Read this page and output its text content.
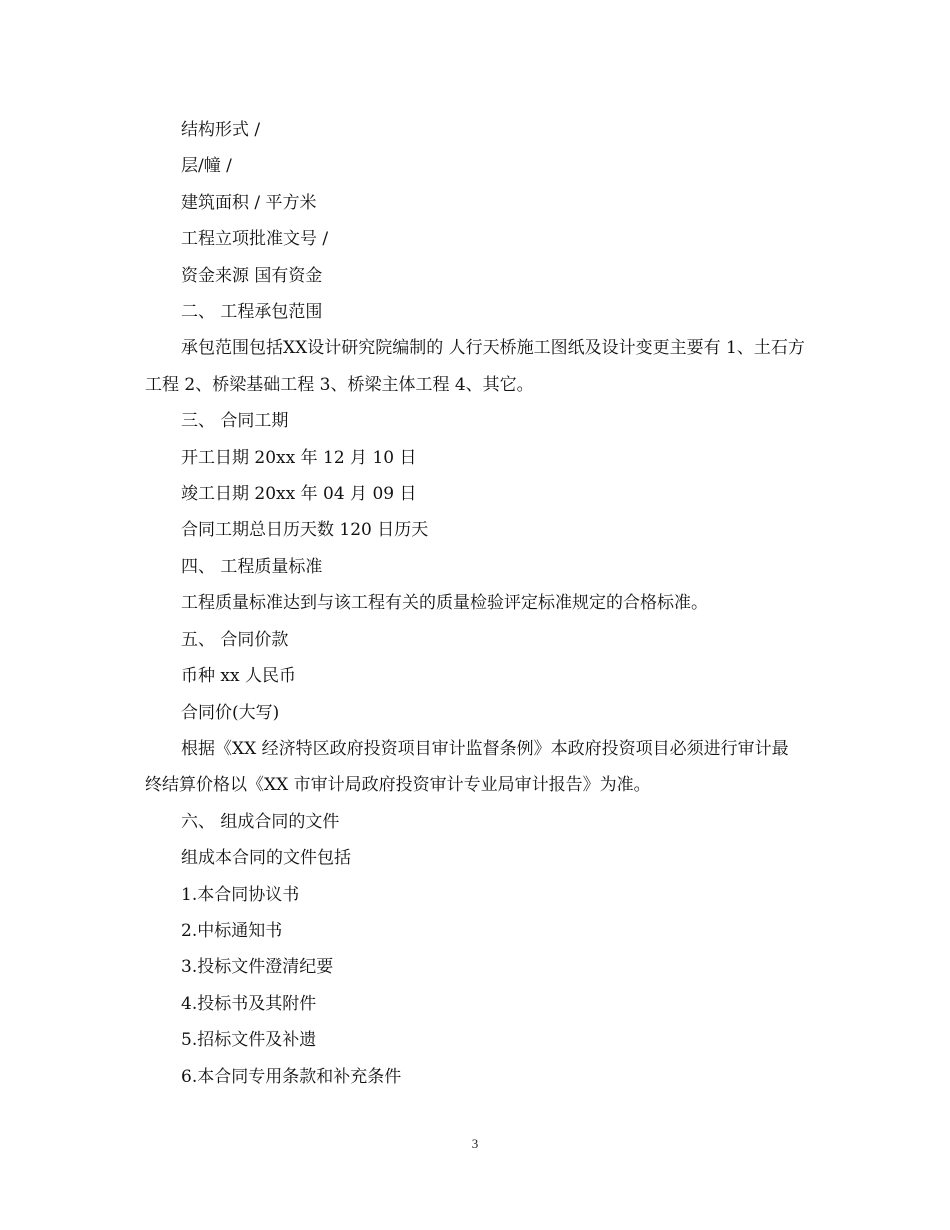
结构形式 /
层/幢 /
建筑面积 / 平方米
工程立项批准文号 /
资金来源 国有资金
二、 工程承包范围
承包范围包括XX设计研究院编制的 人行天桥施工图纸及设计变更主要有 1、土石方工程 2、桥梁基础工程 3、桥梁主体工程 4、其它。
三、 合同工期
开工日期 20xx 年 12 月 10 日
竣工日期 20xx 年 04 月 09 日
合同工期总日历天数 120 日历天
四、 工程质量标准
工程质量标准达到与该工程有关的质量检验评定标准规定的合格标准。
五、 合同价款
币种 xx 人民币
合同价(大写)
根据《XX 经济特区政府投资项目审计监督条例》本政府投资项目必须进行审计最终结算价格以《XX 市审计局政府投资审计专业局审计报告》为准。
六、 组成合同的文件
组成本合同的文件包括
1.本合同协议书
2.中标通知书
3.投标文件澄清纪要
4.投标书及其附件
5.招标文件及补遗
6.本合同专用条款和补充条件
3
